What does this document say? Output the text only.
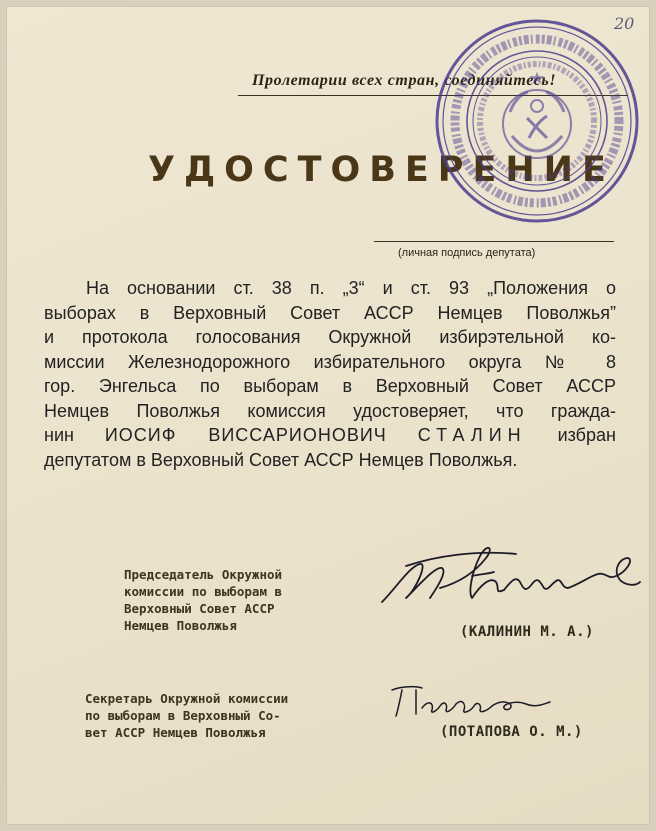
20
Пролетарии всех стран, соединяйтесь!
УДОСТОВЕРЕНИЕ
(личная подпись депутата)
На основании ст. 38 п. „3“ и ст. 93 „Положения о
выборах в Верховный Совет АССР Немцев Поволжья”
и протокола голосования Окружной избирэтельной ко-
миссии Железнодорожного избирательного округа № 8
гор. Энгельса по выборам в Верховный Совет АССР
Немцев Поволжья комиссия удостоверяет, что гражда-
нин ИОСИФ ВИССАРИОНОВИЧ СТАЛИН избран
депутатом в Верховный Совет АССР Немцев Поволжья.
Председатель Окружной
комиссии по выборам в
Верховный Совет АССР
Немцев Поволжья	(КАЛИНИН М. А.)
Секретарь Окружной комиссии
по выборам в Верховный Со-
вет АССР Немцев Поволжья	(ПОТАПОВА О. М.)
